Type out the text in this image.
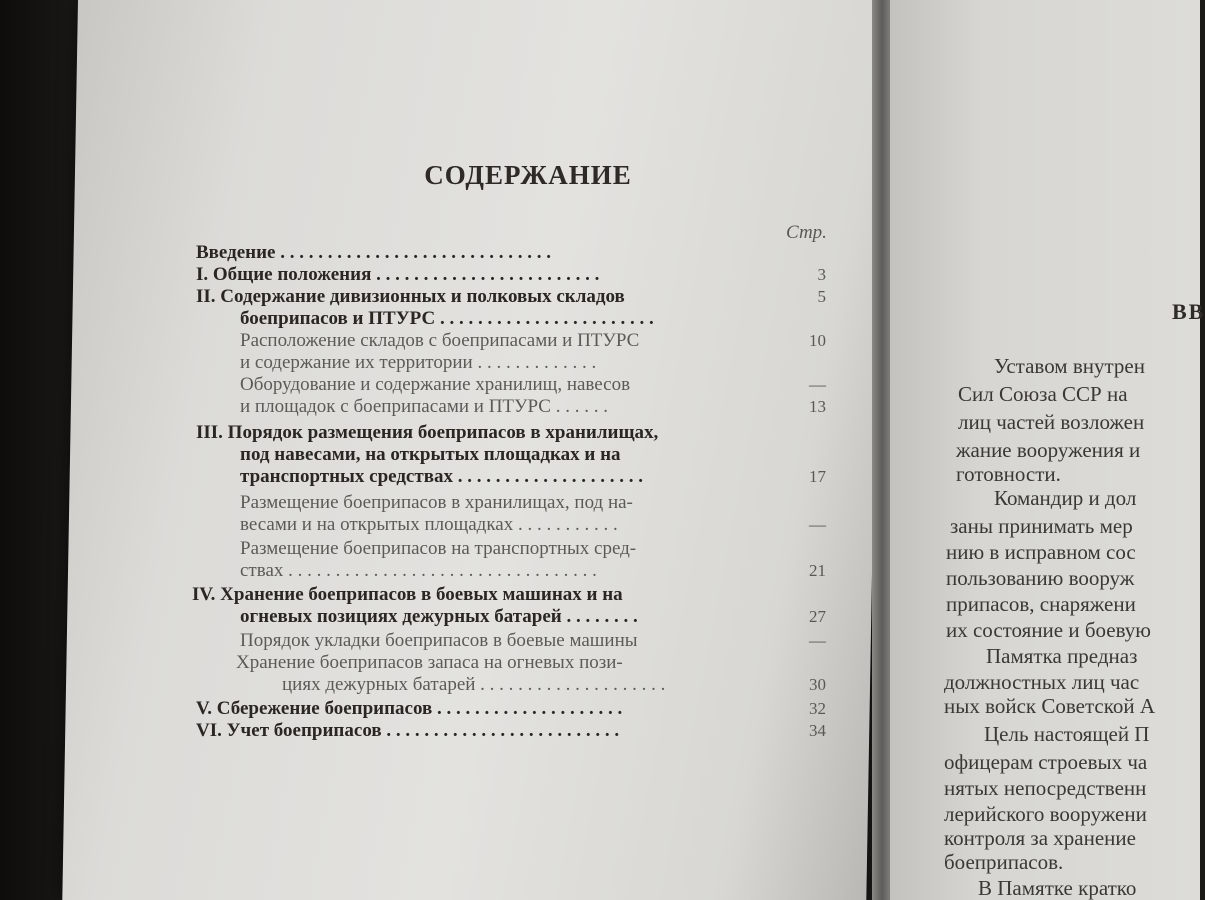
СОДЕРЖАНИЕ
Стр.
Введение . . . . . . . . . . . . . . . . . . . . . . . . . . . . .
I. Общие положения . . . . . . . . . . . . . . . . . . . . . . . .	3
II. Содержание дивизионных и полковых складов	5
боеприпасов и ПТУРС . . . . . . . . . . . . . . . . . . . . . . .
Расположение складов с боеприпасами и ПТУРС	10
и содержание их территории . . . . . . . . . . . . .
Оборудование и содержание хранилищ, навесов	—
и площадок с боеприпасами и ПТУРС . . . . . .	13
III. Порядок размещения боеприпасов в хранилищах,
под навесами, на открытых площадках и на
транспортных средствах . . . . . . . . . . . . . . . . . . . .	17
Размещение боеприпасов в хранилищах, под на-
весами и на открытых площадках . . . . . . . . . . .	—
Размещение боеприпасов на транспортных сред-
ствах . . . . . . . . . . . . . . . . . . . . . . . . . . . . . . . . .	21
IV. Хранение боеприпасов в боевых машинах и на
огневых позициях дежурных батарей . . . . . . . .	27
Порядок укладки боеприпасов в боевые машины	—
Хранение боеприпасов запаса на огневых пози-
циях дежурных батарей . . . . . . . . . . . . . . . . . . . .	30
V. Сбережение боеприпасов . . . . . . . . . . . . . . . . . . . .	32
VI. Учет боеприпасов . . . . . . . . . . . . . . . . . . . . . . . . .	34
ВВ
Уставом внутрен
Сил Союза ССР на
лиц частей возложен
жание вооружения и
готовности.
Командир и дол
заны принимать мер
нию в исправном сос
пользованию вооруж
припасов, снаряжени
их состояние и боевую
Памятка предназ
должностных лиц час
ных войск Советской А
Цель настоящей П
офицерам строевых ча
нятых непосредственн
лерийского вооружени
контроля за хранение
боеприпасов.
В Памятке кратко
